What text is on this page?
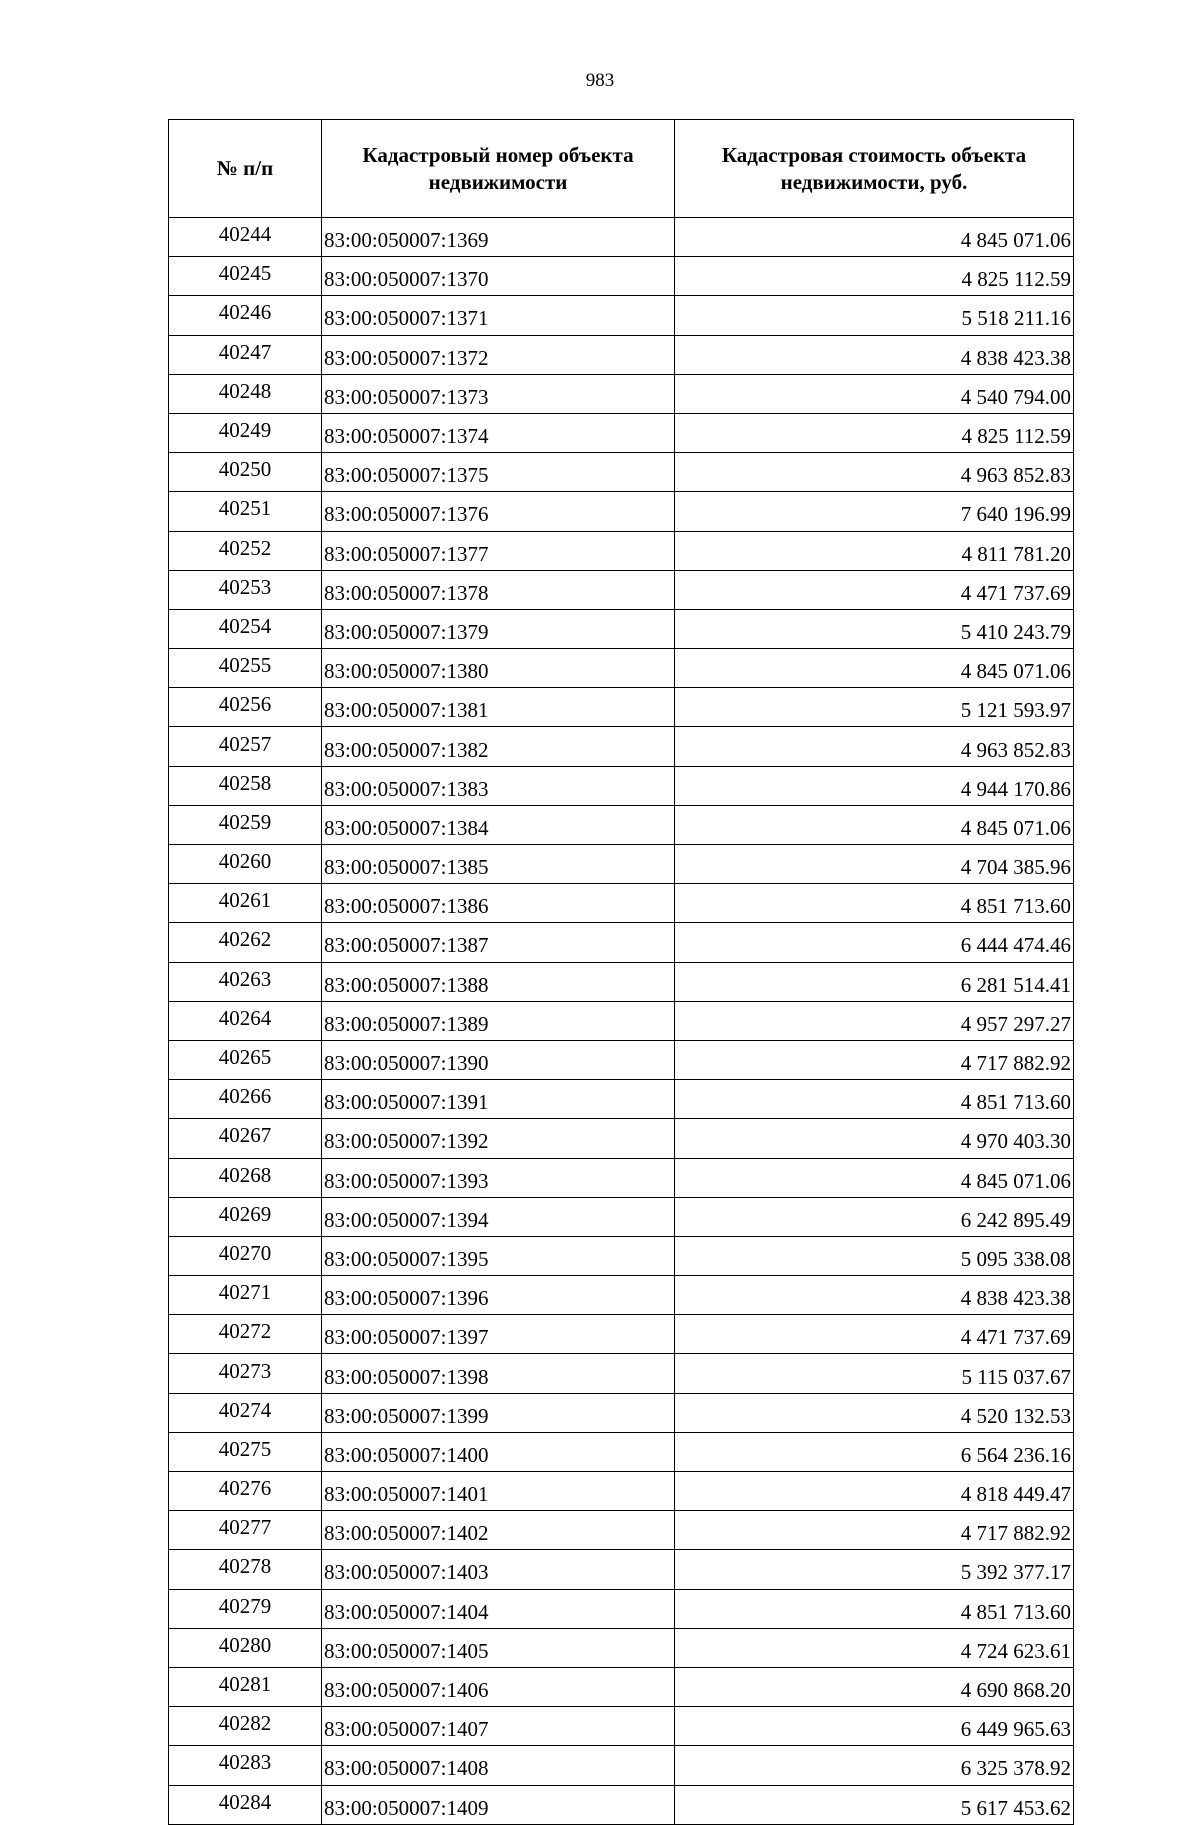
983
№ п/п	Кадастровый номер объекта недвижимости	Кадастровая стоимость объекта недвижимости, руб.
40244	83:00:050007:1369	4 845 071.06
40245	83:00:050007:1370	4 825 112.59
40246	83:00:050007:1371	5 518 211.16
40247	83:00:050007:1372	4 838 423.38
40248	83:00:050007:1373	4 540 794.00
40249	83:00:050007:1374	4 825 112.59
40250	83:00:050007:1375	4 963 852.83
40251	83:00:050007:1376	7 640 196.99
40252	83:00:050007:1377	4 811 781.20
40253	83:00:050007:1378	4 471 737.69
40254	83:00:050007:1379	5 410 243.79
40255	83:00:050007:1380	4 845 071.06
40256	83:00:050007:1381	5 121 593.97
40257	83:00:050007:1382	4 963 852.83
40258	83:00:050007:1383	4 944 170.86
40259	83:00:050007:1384	4 845 071.06
40260	83:00:050007:1385	4 704 385.96
40261	83:00:050007:1386	4 851 713.60
40262	83:00:050007:1387	6 444 474.46
40263	83:00:050007:1388	6 281 514.41
40264	83:00:050007:1389	4 957 297.27
40265	83:00:050007:1390	4 717 882.92
40266	83:00:050007:1391	4 851 713.60
40267	83:00:050007:1392	4 970 403.30
40268	83:00:050007:1393	4 845 071.06
40269	83:00:050007:1394	6 242 895.49
40270	83:00:050007:1395	5 095 338.08
40271	83:00:050007:1396	4 838 423.38
40272	83:00:050007:1397	4 471 737.69
40273	83:00:050007:1398	5 115 037.67
40274	83:00:050007:1399	4 520 132.53
40275	83:00:050007:1400	6 564 236.16
40276	83:00:050007:1401	4 818 449.47
40277	83:00:050007:1402	4 717 882.92
40278	83:00:050007:1403	5 392 377.17
40279	83:00:050007:1404	4 851 713.60
40280	83:00:050007:1405	4 724 623.61
40281	83:00:050007:1406	4 690 868.20
40282	83:00:050007:1407	6 449 965.63
40283	83:00:050007:1408	6 325 378.92
40284	83:00:050007:1409	5 617 453.62
